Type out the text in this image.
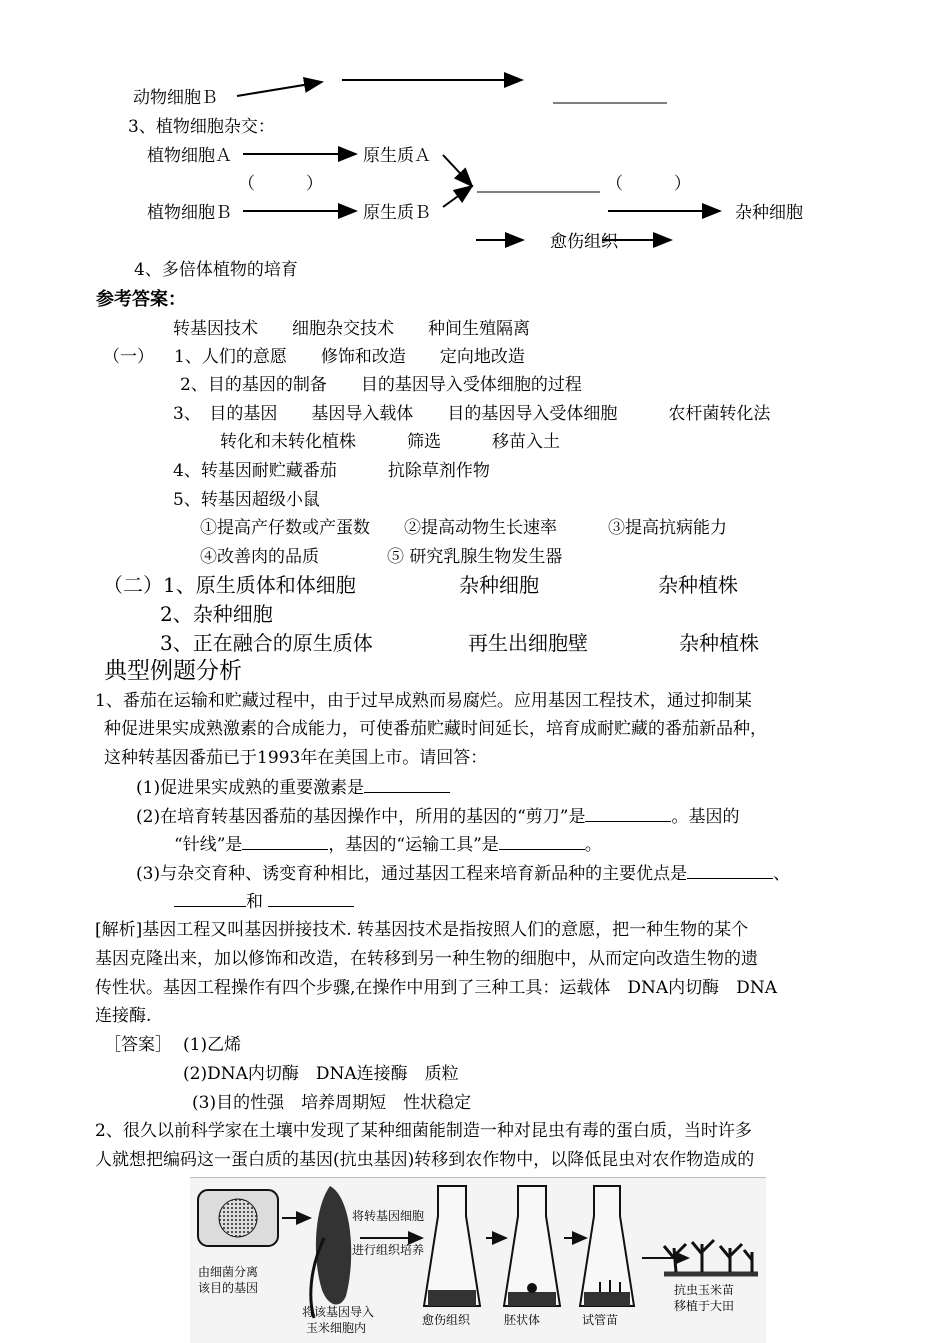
动物细胞Ｂ
3、植物细胞杂交：
植物细胞Ａ	原生质Ａ
（　　　）	（　　　）
植物细胞Ｂ	原生质Ｂ	杂种细胞
愈伤组织
4、多倍体植物的培育
参考答案：
转基因技术　　细胞杂交技术　　种间生殖隔离
（一） 1、人们的意愿　　修饰和改造　　定向地改造
2、目的基因的制备　　目的基因导入受体细胞的过程
3、　目的基因　　基因导入载体　　目的基因导入受体细胞　　　农杆菌转化法
转化和未转化植株　　　筛选　　　移苗入土
4、转基因耐贮藏番茄　　　抗除草剂作物
5、转基因超级小鼠
①提高产仔数或产蛋数　　②提高动物生长速率　　　③提高抗病能力
④改善肉的品质　　　　⑤ 研究乳腺生物发生器
（二）1、原生质体和体细胞	杂种细胞	杂种植株
2、杂种细胞
3、正在融合的原生质体	再生出细胞壁	杂种植株
典型例题分析
1、番茄在运输和贮藏过程中，由于过早成熟而易腐烂。应用基因工程技术，通过抑制某
种促进果实成熟激素的合成能力，可使番茄贮藏时间延长，培育成耐贮藏的番茄新品种，
这种转基因番茄已于1993年在美国上市。请回答：
(1)促进果实成熟的重要激素是
(2)在培育转基因番茄的基因操作中，所用的基因的“剪刀”是	。基因的
“针线”是	，基因的“运输工具”是	。
(3)与杂交育种、诱变育种相比，通过基因工程来培育新品种的主要优点是	、
和
[解析]基因工程又叫基因拼接技术. 转基因技术是指按照人们的意愿，把一种生物的某个
基因克隆出来，加以修饰和改造，在转移到另一种生物的细胞中，从而定向改造生物的遗
传性状。基因工程操作有四个步骤,在操作中用到了三种工具：运载体　DNA内切酶　DNA
连接酶.
［答案］ (1)乙烯
(2)DNA内切酶　DNA连接酶　质粒
(3)目的性强　培养周期短　性状稳定
2、很久以前科学家在土壤中发现了某种细菌能制造一种对昆虫有毒的蛋白质，当时许多
人就想把编码这一蛋白质的基因(抗虫基因)转移到农作物中，以降低昆虫对农作物造成的
由细菌分离
该目的基因
将该基因导入
玉米细胞内
将转基因细胞
进行组织培养
愈伤组织	胚状体	试管苗
抗虫玉米苗
移植于大田
